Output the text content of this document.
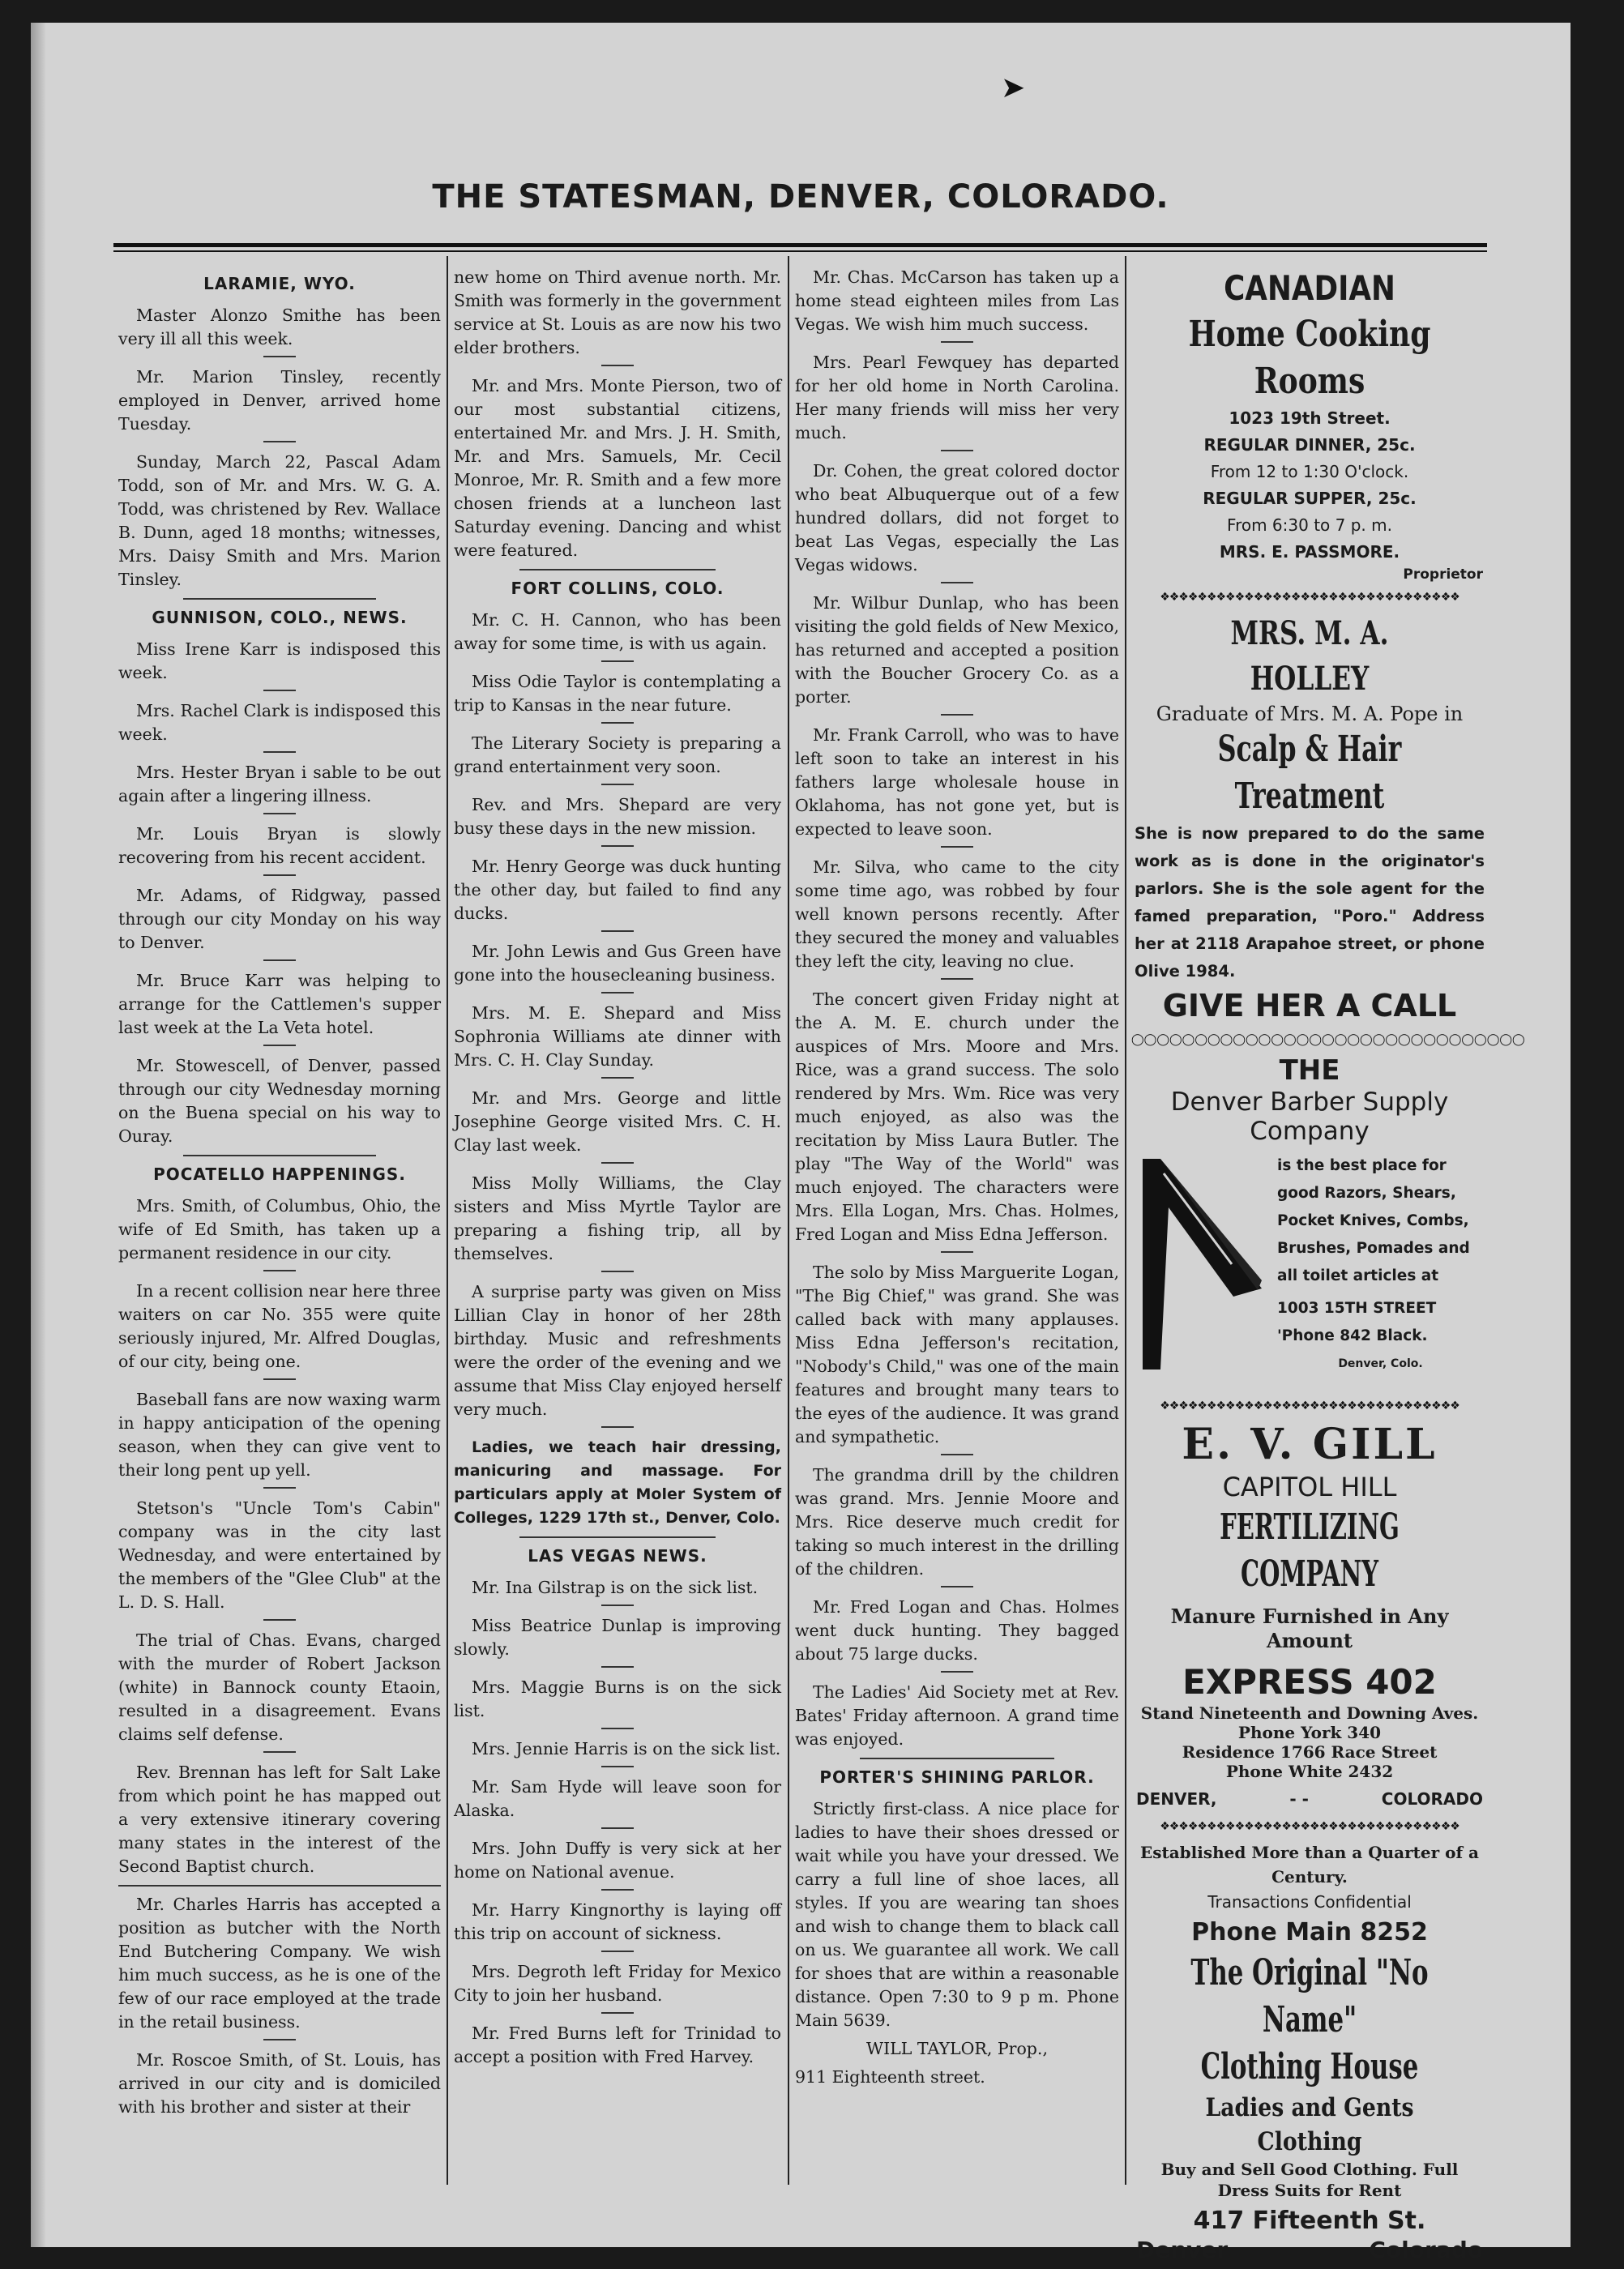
➤
THE STATESMAN, DENVER, COLORADO.
LARAMIE, WYO.

Master Alonzo Smithe has been very ill all this week.

Mr. Marion Tinsley, recently employed in Denver, arrived home Tuesday.

Sunday, March 22, Pascal Adam Todd, son of Mr. and Mrs. W. G. A. Todd, was christened by Rev. Wallace B. Dunn, aged 18 months; witnesses, Mrs. Daisy Smith and Mrs. Marion Tinsley.

GUNNISON, COLO., NEWS.

Miss Irene Karr is indisposed this week.

Mrs. Rachel Clark is indisposed this week.

Mrs. Hester Bryan i sable to be out again after a lingering illness.

Mr. Louis Bryan is slowly recovering from his recent accident.

Mr. Adams, of Ridgway, passed through our city Monday on his way to Denver.

Mr. Bruce Karr was helping to arrange for the Cattlemen's supper last week at the La Veta hotel.

Mr. Stowescell, of Denver, passed through our city Wednesday morning on the Buena special on his way to Ouray.

POCATELLO HAPPENINGS.

Mrs. Smith, of Columbus, Ohio, the wife of Ed Smith, has taken up a permanent residence in our city.

In a recent collision near here three waiters on car No. 355 were quite seriously injured, Mr. Alfred Douglas, of our city, being one.

Baseball fans are now waxing warm in happy anticipation of the opening season, when they can give vent to their long pent up yell.

Stetson's "Uncle Tom's Cabin" company was in the city last Wednesday, and were entertained by the members of the "Glee Club" at the L. D. S. Hall.

The trial of Chas. Evans, charged with the murder of Robert Jackson (white) in Bannock county Etaoin, resulted in a disagreement. Evans claims self defense.

Rev. Brennan has left for Salt Lake from which point he has mapped out a very extensive itinerary covering many states in the interest of the Second Baptist church.

Mr. Charles Harris has accepted a position as butcher with the North End Butchering Company. We wish him much success, as he is one of the few of our race employed at the trade in the retail business.

Mr. Roscoe Smith, of St. Louis, has arrived in our city and is domiciled with his brother and sister at their

new home on Third avenue north. Mr. Smith was formerly in the government service at St. Louis as are now his two elder brothers.

Mr. and Mrs. Monte Pierson, two of our most substantial citizens, entertained Mr. and Mrs. J. H. Smith, Mr. and Mrs. Samuels, Mr. Cecil Monroe, Mr. R. Smith and a few more chosen friends at a luncheon last Saturday evening. Dancing and whist were featured.

FORT COLLINS, COLO.

Mr. C. H. Cannon, who has been away for some time, is with us again.

Miss Odie Taylor is contemplating a trip to Kansas in the near future.

The Literary Society is preparing a grand entertainment very soon.

Rev. and Mrs. Shepard are very busy these days in the new mission.

Mr. Henry George was duck hunting the other day, but failed to find any ducks.

Mr. John Lewis and Gus Green have gone into the housecleaning business.

Mrs. M. E. Shepard and Miss Sophronia Williams ate dinner with Mrs. C. H. Clay Sunday.

Mr. and Mrs. George and little Josephine George visited Mrs. C. H. Clay last week.

Miss Molly Williams, the Clay sisters and Miss Myrtle Taylor are preparing a fishing trip, all by themselves.

A surprise party was given on Miss Lillian Clay in honor of her 28th birthday. Music and refreshments were the order of the evening and we assume that Miss Clay enjoyed herself very much.

Ladies, we teach hair dressing, manicuring and massage. For particulars apply at Moler System of Colleges, 1229 17th st., Denver, Colo.

LAS VEGAS NEWS.

Mr. Ina Gilstrap is on the sick list.

Miss Beatrice Dunlap is improving slowly.

Mrs. Maggie Burns is on the sick list.

Mrs. Jennie Harris is on the sick list.

Mr. Sam Hyde will leave soon for Alaska.

Mrs. John Duffy is very sick at her home on National avenue.

Mr. Harry Kingnorthy is laying off this trip on account of sickness.

Mrs. Degroth left Friday for Mexico City to join her husband.

Mr. Fred Burns left for Trinidad to accept a position with Fred Harvey.

Mr. Chas. McCarson has taken up a home stead eighteen miles from Las Vegas. We wish him much success.

Mrs. Pearl Fewquey has departed for her old home in North Carolina. Her many friends will miss her very much.

Dr. Cohen, the great colored doctor who beat Albuquerque out of a few hundred dollars, did not forget to beat Las Vegas, especially the Las Vegas widows.

Mr. Wilbur Dunlap, who has been visiting the gold fields of New Mexico, has returned and accepted a position with the Boucher Grocery Co. as a porter.

Mr. Frank Carroll, who was to have left soon to take an interest in his fathers large wholesale house in Oklahoma, has not gone yet, but is expected to leave soon.

Mr. Silva, who came to the city some time ago, was robbed by four well known persons recently. After they secured the money and valuables they left the city, leaving no clue.

The concert given Friday night at the A. M. E. church under the auspices of Mrs. Moore and Mrs. Rice, was a grand success. The solo rendered by Mrs. Wm. Rice was very much enjoyed, as also was the recitation by Miss Laura Butler. The play "The Way of the World" was much enjoyed. The characters were Mrs. Ella Logan, Mrs. Chas. Holmes, Fred Logan and Miss Edna Jefferson.

The solo by Miss Marguerite Logan, "The Big Chief," was grand. She was called back with many applauses. Miss Edna Jefferson's recitation, "Nobody's Child," was one of the main features and brought many tears to the eyes of the audience. It was grand and sympathetic.

The grandma drill by the children was grand. Mrs. Jennie Moore and Mrs. Rice deserve much credit for taking so much interest in the drilling of the children.

Mr. Fred Logan and Chas. Holmes went duck hunting. They bagged about 75 large ducks.

The Ladies' Aid Society met at Rev. Bates' Friday afternoon. A grand time was enjoyed.

PORTER'S SHINING PARLOR.

Strictly first-class. A nice place for ladies to have their shoes dressed or wait while you have your dressed. We carry a full line of shoe laces, all styles. If you are wearing tan shoes and wish to change them to black call on us. We guarantee all work. We call for shoes that are within a reasonable distance. Open 7:30 to 9 p m. Phone Main 5639.

WILL TAYLOR, Prop.,

911 Eighteenth street.

CANADIAN
Home Cooking Rooms
1023 19th Street.
REGULAR DINNER, 25c.
From 12 to 1:30 O'clock.
REGULAR SUPPER, 25c.
From 6:30 to 7 p. m.
MRS. E. PASSMORE.
Proprietor
❖❖❖❖❖❖❖❖❖❖❖❖❖❖❖❖❖❖❖❖❖❖❖❖❖❖❖❖❖❖❖❖
MRS. M. A. HOLLEY
Graduate of Mrs. M. A. Pope in
Scalp & Hair Treatment
She is now prepared to do the same work as is done in the originator's parlors. She is the sole agent for the famed preparation, "Poro." Address her at 2118 Arapahoe street, or phone Olive 1984.
GIVE HER A CALL
◯◯◯◯◯◯◯◯◯◯◯◯◯◯◯◯◯◯◯◯◯◯◯◯◯◯◯◯◯◯◯
THE
Denver Barber Supply Company
is the best place for good Razors, Shears, Pocket Knives, Combs, Brushes, Pomades and all toilet articles at
1003 15TH STREET
'Phone 842 Black.
Denver, Colo.
❖❖❖❖❖❖❖❖❖❖❖❖❖❖❖❖❖❖❖❖❖❖❖❖❖❖❖❖❖❖❖❖
E. V. GILL
CAPITOL HILL
FERTILIZING COMPANY
Manure Furnished in Any Amount
EXPRESS 402
Stand Nineteenth and Downing Aves.
Phone York 340
Residence 1766 Race Street
Phone White 2432
DENVER,	- -	COLORADO
❖❖❖❖❖❖❖❖❖❖❖❖❖❖❖❖❖❖❖❖❖❖❖❖❖❖❖❖❖❖❖❖
Established More than a Quarter of a Century.
Transactions Confidential
Phone Main 8252
The Original "No Name"
Clothing House
Ladies and Gents Clothing
Buy and Sell Good Clothing. Full Dress Suits for Rent
417 Fifteenth St.
Denver	Colorado
